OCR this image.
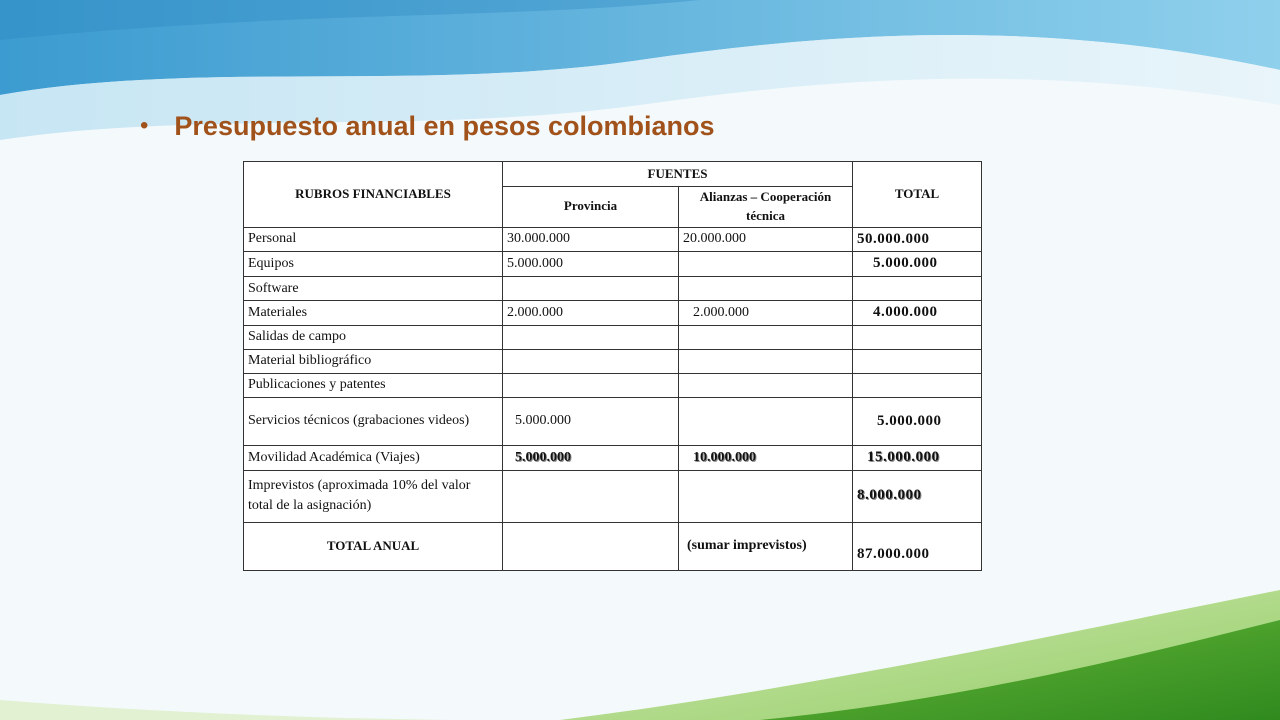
• Presupuesto anual en pesos colombianos
RUBROS FINANCIABLES	FUENTES		TOTAL
	Provincia	Alianzas – Cooperación técnica	
Personal	30.000.000	20.000.000	50.000.000
Equipos	5.000.000		5.000.000
Software			
Materiales	2.000.000	2.000.000	4.000.000
Salidas de campo			
Material bibliográfico			
Publicaciones y patentes			
Servicios técnicos (grabaciones videos)	5.000.000		5.000.000
Movilidad Académica (Viajes)	5.000.000	10.000.000	15.000.000
Imprevistos (aproximada 10% del valor total de la asignación)			8.000.000
TOTAL ANUAL		(sumar imprevistos)	87.000.000
